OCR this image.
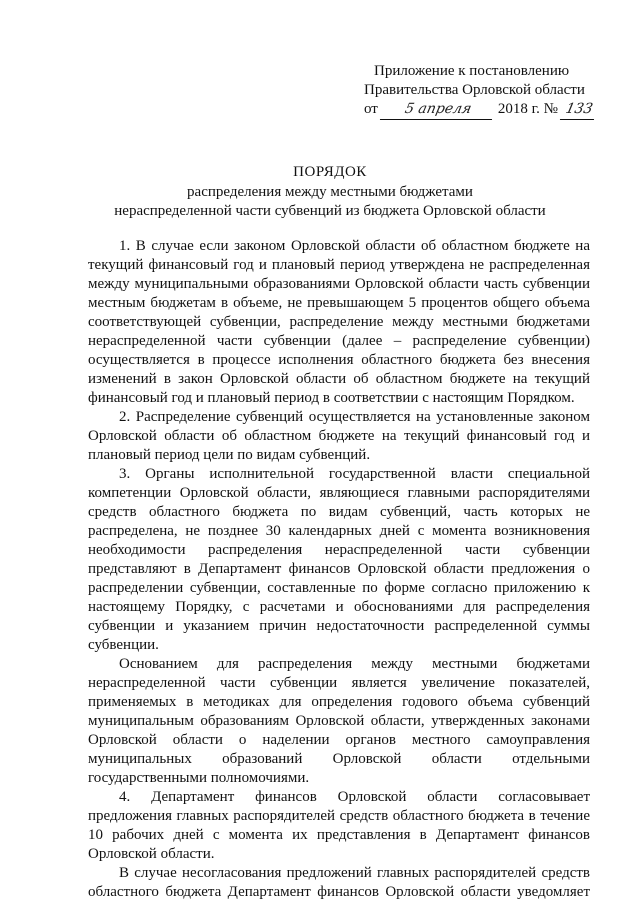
Приложение к постановлению
Правительства Орловской области
от	5 апреля	2018 г. № 133
ПОРЯДОК
распределения между местными бюджетами
нераспределенной части субвенций из бюджета Орловской области

1. В случае если законом Орловской области об областном бюджете на текущий финансовый год и плановый период утверждена не распределенная между муниципальными образованиями Орловской области часть субвенции местным бюджетам в объеме, не превышающем 5 процентов общего объема соответствующей субвенции, распределение между местными бюджетами нераспределенной части субвенции (далее – распределение субвенции) осуществляется в процессе исполнения областного бюджета без внесения изменений в закон Орловской области об областном бюджете на текущий финансовый год и плановый период в соответствии с настоящим Порядком.

2. Распределение субвенций осуществляется на установленные законом Орловской области об областном бюджете на текущий финансовый год и плановый период цели по видам субвенций.

3. Органы исполнительной государственной власти специальной компетенции Орловской области, являющиеся главными распорядителями средств областного бюджета по видам субвенций, часть которых не распределена, не позднее 30 календарных дней с момента возникновения необходимости распределения нераспределенной части субвенции представляют в Департамент финансов Орловской области предложения о распределении субвенции, составленные по форме согласно приложению к настоящему Порядку, с расчетами и обоснованиями для распределения субвенции и указанием причин недостаточности распределенной суммы субвенции.

Основанием для распределения между местными бюджетами нераспределенной части субвенции является увеличение показателей, применяемых в методиках для определения годового объема субвенций муниципальным образованиям Орловской области, утвержденных законами Орловской области о наделении органов местного самоуправления муниципальных образований Орловской области отдельными государственными полномочиями.

4. Департамент финансов Орловской области согласовывает предложения главных распорядителей средств областного бюджета в течение 10 рабочих дней с момента их представления в Департамент финансов Орловской области.

В случае несогласования предложений главных распорядителей средств областного бюджета Департамент финансов Орловской области уведомляет
